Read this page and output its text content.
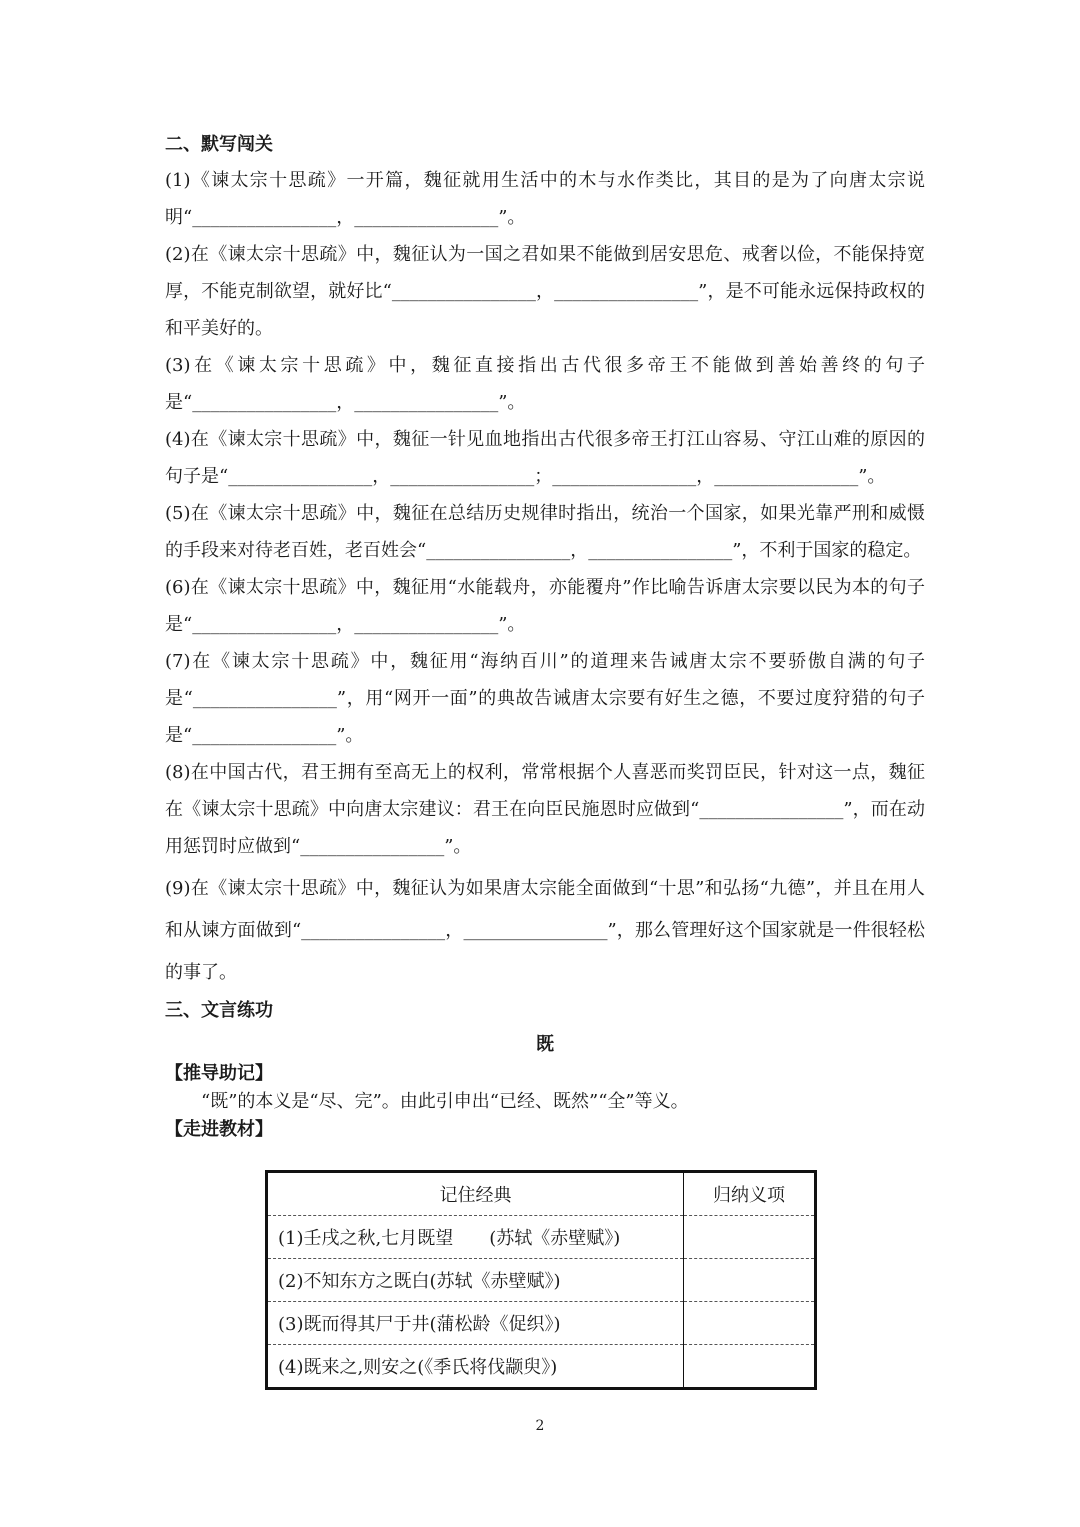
二、默写闯关
(1)《谏太宗十思疏》一开篇，魏征就用生活中的木与水作类比，其目的是为了向唐太宗说明“________________，________________”。
(2)在《谏太宗十思疏》中，魏征认为一国之君如果不能做到居安思危、戒奢以俭，不能保持宽厚，不能克制欲望，就好比“________________，________________”，是不可能永远保持政权的和平美好的。
(3)在《谏太宗十思疏》中，魏征直接指出古代很多帝王不能做到善始善终的句子是“________________，________________”。
(4)在《谏太宗十思疏》中，魏征一针见血地指出古代很多帝王打江山容易、守江山难的原因的句子是“________________，________________；________________，________________”。
(5)在《谏太宗十思疏》中，魏征在总结历史规律时指出，统治一个国家，如果光靠严刑和威慑的手段来对待老百姓，老百姓会“________________，________________”，不利于国家的稳定。
(6)在《谏太宗十思疏》中，魏征用“水能载舟，亦能覆舟”作比喻告诉唐太宗要以民为本的句子是“________________，________________”。
(7)在《谏太宗十思疏》中，魏征用“海纳百川”的道理来告诫唐太宗不要骄傲自满的句子是“________________”，用“网开一面”的典故告诫唐太宗要有好生之德，不要过度狩猎的句子是“________________”。
(8)在中国古代，君王拥有至高无上的权利，常常根据个人喜恶而奖罚臣民，针对这一点，魏征在《谏太宗十思疏》中向唐太宗建议：君王在向臣民施恩时应做到“________________”，而在动用惩罚时应做到“________________”。
(9)在《谏太宗十思疏》中，魏征认为如果唐太宗能全面做到“十思”和弘扬“九德”，并且在用人和从谏方面做到“________________，________________”，那么管理好这个国家就是一件很轻松的事了。
三、文言练功
既
【推导助记】
“既”的本义是“尽、完”。由此引申出“已经、既然”“全”等义。
【走进教材】
记住经典	归纳义项
(1)壬戌之秋,七月既望　　(苏轼《赤壁赋》)	
(2)不知东方之既白(苏轼《赤壁赋》)	
(3)既而得其尸于井(蒲松龄《促织》)	
(4)既来之,则安之(《季氏将伐颛臾》)	
2
